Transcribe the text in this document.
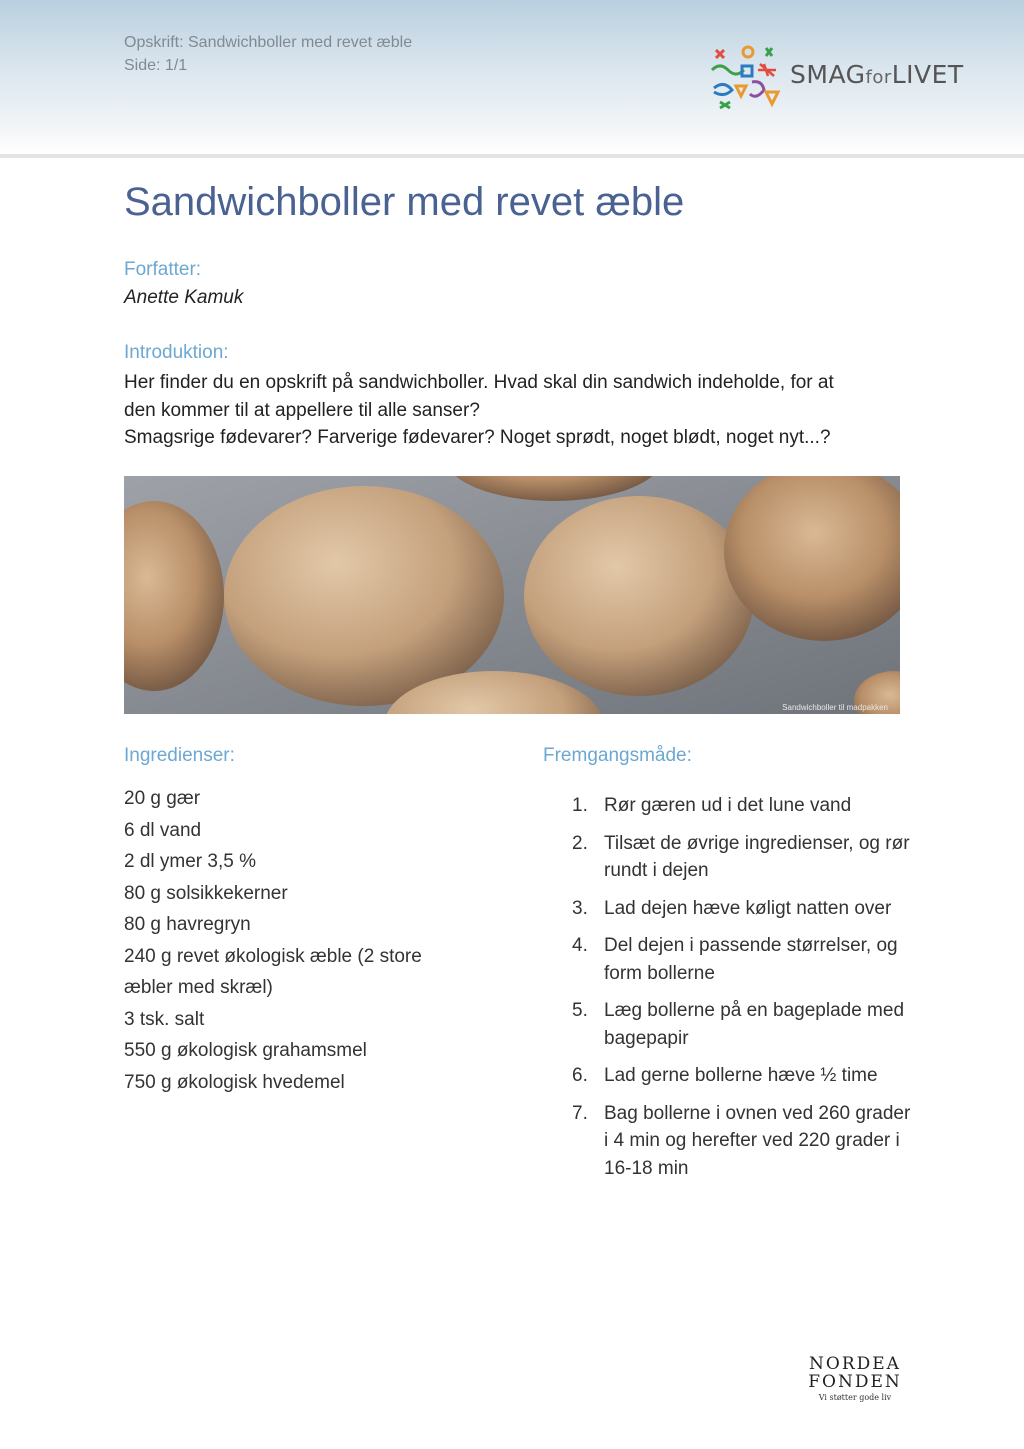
Opskrift: Sandwichboller med revet æble
Side: 1/1	SMAGforLIVET
Sandwichboller med revet æble
Forfatter:
Anette Kamuk
Introduktion:
Her finder du en opskrift på sandwichboller. Hvad skal din sandwich indeholde, for at
den kommer til at appellere til alle sanser?
Smagsrige fødevarer? Farverige fødevarer? Noget sprødt, noget blødt, noget nyt...?
Sandwichboller til madpakken
Ingredienser:
20 g gær
6 dl vand
2 dl ymer 3,5 %
80 g solsikkekerner
80 g havregryn
240 g revet økologisk æble (2 store
æbler med skræl)
3 tsk. salt
550 g økologisk grahamsmel
750 g økologisk hvedemel
Fremgangsmåde:
1. Rør gæren ud i det lune vand
2. Tilsæt de øvrige ingredienser, og rør rundt i dejen
3. Lad dejen hæve køligt natten over
4. Del dejen i passende størrelser, og form bollerne
5. Læg bollerne på en bageplade med bagepapir
6. Lad gerne bollerne hæve ½ time
7. Bag bollerne i ovnen ved 260 grader i 4 min og herefter ved 220 grader i 16-18 min
NORDEA
FONDEN
Vi støtter gode liv
